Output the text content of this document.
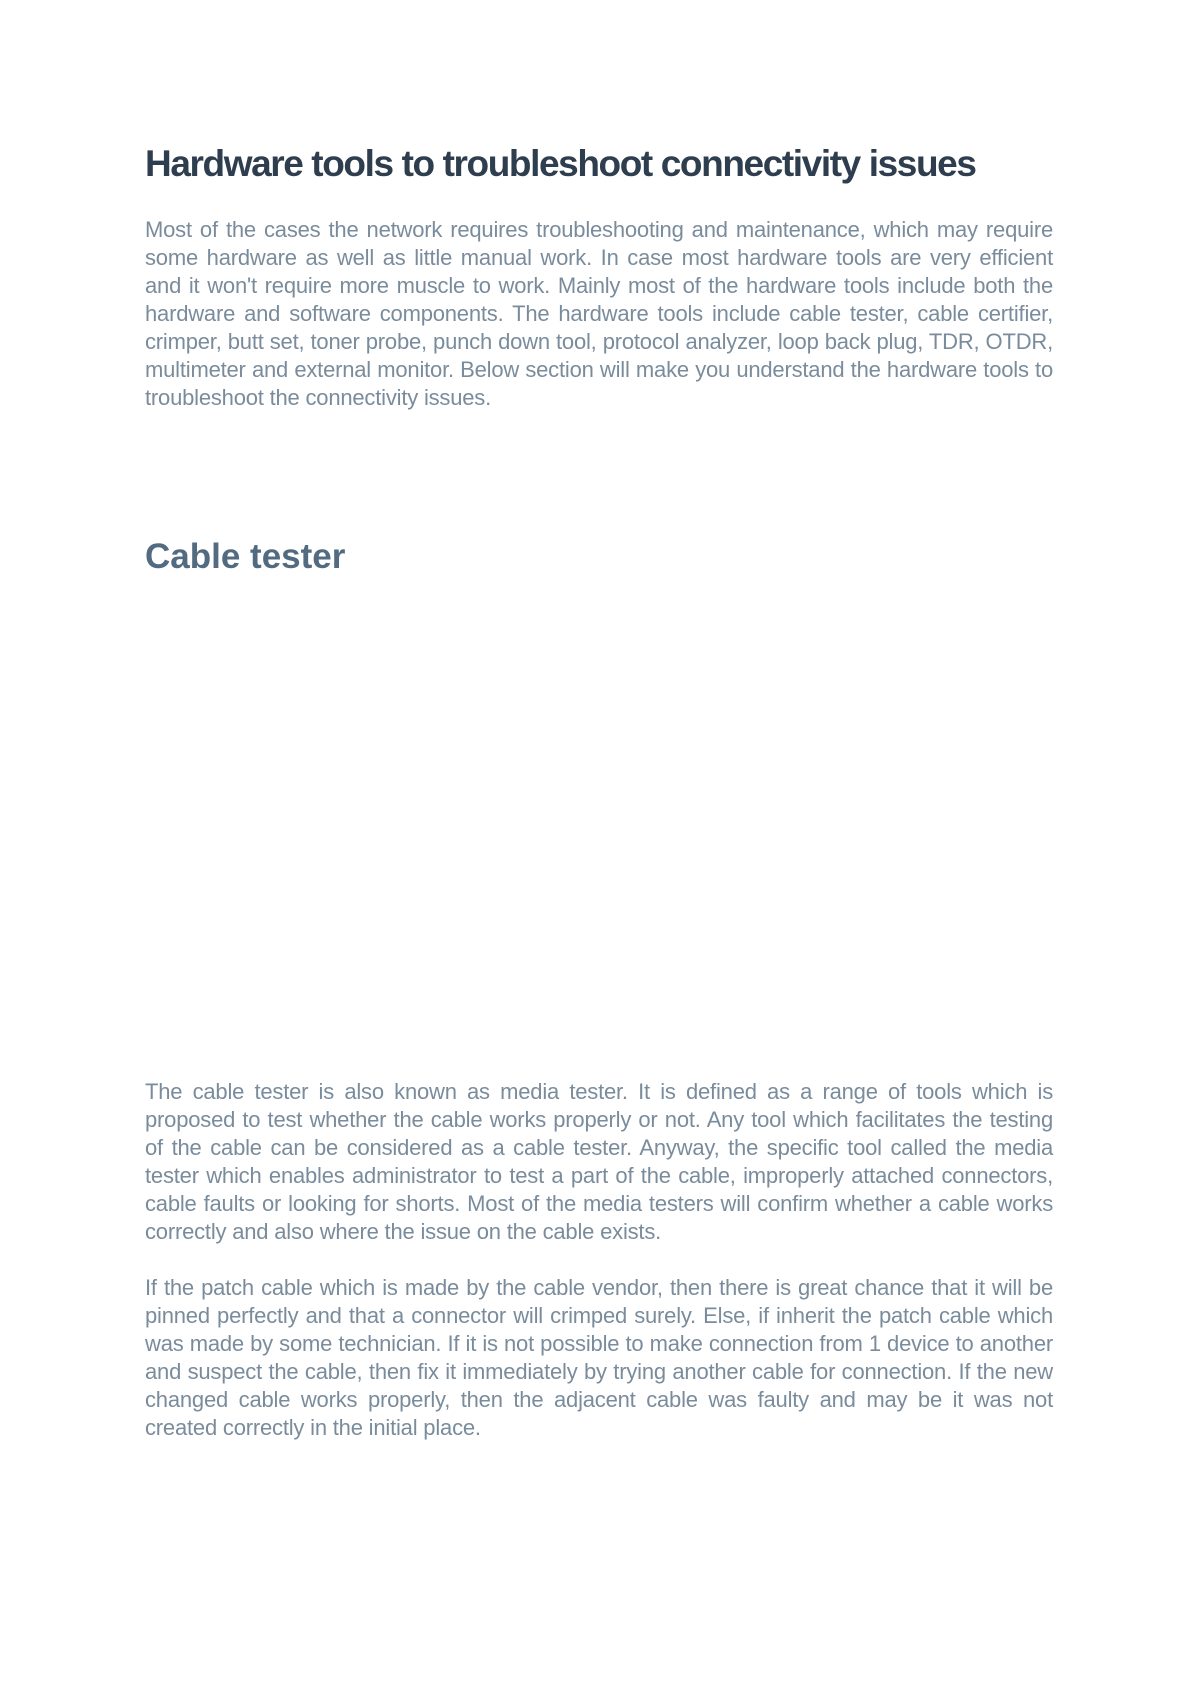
Hardware tools to troubleshoot connectivity issues

Most of the cases the network requires troubleshooting and maintenance, which may require some hardware as well as little manual work. In case most hardware tools are very efficient and it won't require more muscle to work. Mainly most of the hardware tools include both the hardware and software components. The hardware tools include cable tester, cable certifier, crimper, butt set, toner probe, punch down tool, protocol analyzer, loop back plug, TDR, OTDR, multimeter and external monitor. Below section will make you understand the hardware tools to troubleshoot the connectivity issues.

Cable tester

The cable tester is also known as media tester. It is defined as a range of tools which is proposed to test whether the cable works properly or not. Any tool which facilitates the testing of the cable can be considered as a cable tester. Anyway, the specific tool called the media tester which enables administrator to test a part of the cable, improperly attached connectors, cable faults or looking for shorts. Most of the media testers will confirm whether a cable works correctly and also where the issue on the cable exists.

If the patch cable which is made by the cable vendor, then there is great chance that it will be pinned perfectly and that a connector will crimped surely. Else, if inherit the patch cable which was made by some technician. If it is not possible to make connection from 1 device to another and suspect the cable, then fix it immediately by trying another cable for connection. If the new changed cable works properly, then the adjacent cable was faulty and may be it was not created correctly in the initial place.
